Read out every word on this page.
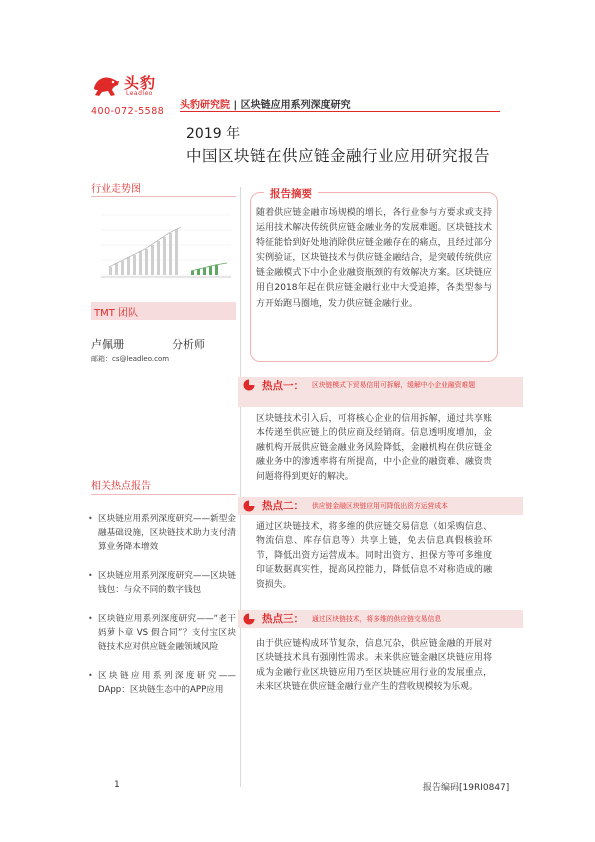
头豹
Leadleo
400-072-5588
头豹研究院 | 区块链应用系列深度研究
2019 年
中国区块链在供应链金融行业应用研究报告
行业走势图
TMT 团队
卢佩珊	分析师
邮箱：cs@leadleo.com
相关热点报告
• 区块链应用系列深度研究——新型金融基础设施，区块链技术助力支付清算业务降本增效
• 区块链应用系列深度研究——区块链钱包：与众不同的数字钱包
• 区块链应用系列深度研究——“老干妈萝卜章 VS 假合同”？支付宝区块链技术应对供应链金融领域风险
• 区块链应用系列深度研究——DApp：区块链生态中的APP应用
报告摘要
随着供应链金融市场规模的增长，各行业参与方要求或支持运用技术解决传统供应链金融业务的发展难题。区块链技术特征能恰到好处地消除供应链金融存在的痛点，且经过部分实例验证，区块链技术与供应链金融结合，是突破传统供应链金融模式下中小企业融资瓶颈的有效解决方案。区块链应用自2018年起在供应链金融行业中大受追捧，各类型参与方开始跑马圈地，发力供应链金融行业。
热点一： 区块链模式下贸易信用可拆解，缓解中小企业融资难题
区块链技术引入后，可将核心企业的信用拆解，通过共享账本传递至供应链上的供应商及经销商。信息透明度增加，金融机构开展供应链金融业务风险降低，金融机构在供应链金融业务中的渗透率将有所提高，中小企业的融资难、融资贵问题将得到更好的解决。
热点二： 供应链金融区块链应用可降低出资方运营成本
通过区块链技术，将多维的供应链交易信息（如采购信息、物流信息、库存信息等）共享上链，免去信息真假核验环节，降低出资方运营成本。同时出资方、担保方等可多维度印证数据真实性，提高风控能力，降低信息不对称造成的融资损失。
热点三： 通过区块链技术，将多维的供应链交易信息
由于供应链构成环节复杂，信息冗杂，供应链金融的开展对区块链技术具有强刚性需求。未来供应链金融区块链应用将成为金融行业区块链应用乃至区块链应用行业的发展重点，未来区块链在供应链金融行业产生的营收规模较为乐观。
1	报告编码[19RI0847]
